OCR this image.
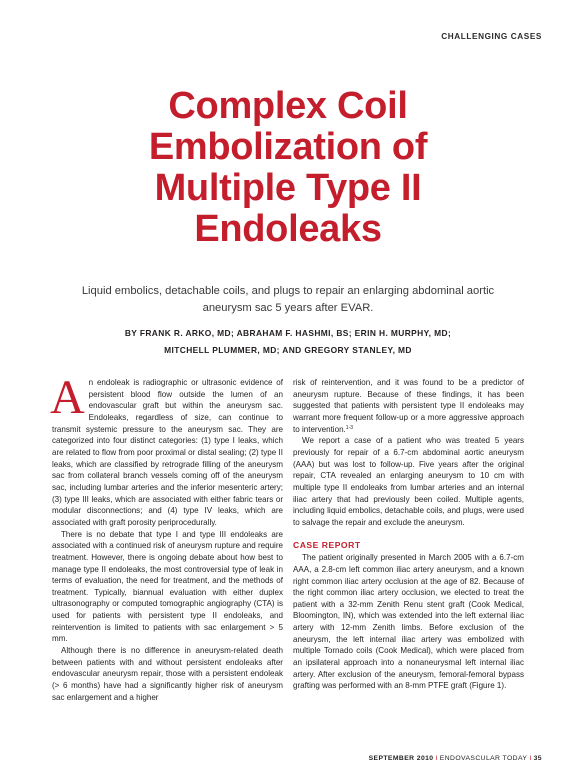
CHALLENGING CASES
Complex Coil
Embolization of
Multiple Type II
Endoleaks

Liquid embolics, detachable coils, and plugs to repair an enlarging abdominal aortic aneurysm sac 5 years after EVAR.

BY FRANK R. ARKO, MD; ABRAHAM F. HASHMI, BS; ERIN H. MURPHY, MD;
MITCHELL PLUMMER, MD; AND GREGORY STANLEY, MD

An endoleak is radiographic or ultrasonic evidence of persistent blood flow outside the lumen of an endovascular graft but within the aneurysm sac. Endoleaks, regardless of size, can continue to transmit systemic pressure to the aneurysm sac. They are categorized into four distinct categories: (1) type I leaks, which are related to flow from poor proximal or distal sealing; (2) type II leaks, which are classified by retrograde filling of the aneurysm sac from collateral branch vessels coming off of the aneurysm sac, including lumbar arteries and the inferior mesenteric artery; (3) type III leaks, which are associated with either fabric tears or modular disconnections; and (4) type IV leaks, which are associated with graft porosity periprocedurally.

There is no debate that type I and type III endoleaks are associated with a continued risk of aneurysm rupture and require treatment. However, there is ongoing debate about how best to manage type II endoleaks, the most controversial type of leak in terms of evaluation, the need for treatment, and the methods of treatment. Typically, biannual evaluation with either duplex ultrasonography or computed tomographic angiography (CTA) is used for patients with persistent type II endoleaks, and reintervention is limited to patients with sac enlargement > 5 mm.

Although there is no difference in aneurysm-related death between patients with and without persistent endoleaks after endovascular aneurysm repair, those with a persistent endoleak (> 6 months) have had a significantly higher risk of aneurysm sac enlargement and a higher

risk of reintervention, and it was found to be a predictor of aneurysm rupture. Because of these findings, it has been suggested that patients with persistent type II endoleaks may warrant more frequent follow-up or a more aggressive approach to intervention.$^{1-3}$

We report a case of a patient who was treated 5 years previously for repair of a 6.7-cm abdominal aortic aneurysm (AAA) but was lost to follow-up. Five years after the original repair, CTA revealed an enlarging aneurysm to 10 cm with multiple type II endoleaks from lumbar arteries and an internal iliac artery that had previously been coiled. Multiple agents, including liquid embolics, detachable coils, and plugs, were used to salvage the repair and exclude the aneurysm.

CASE REPORT

The patient originally presented in March 2005 with a 6.7-cm AAA, a 2.8-cm left common iliac artery aneurysm, and a known right common iliac artery occlusion at the age of 82. Because of the right common iliac artery occlusion, we elected to treat the patient with a 32-mm Zenith Renu stent graft (Cook Medical, Bloomington, IN), which was extended into the left external iliac artery with 12-mm Zenith limbs. Before exclusion of the aneurysm, the left internal iliac artery was embolized with multiple Tornado coils (Cook Medical), which were placed from an ipsilateral approach into a nonaneurysmal left internal iliac artery. After exclusion of the aneurysm, femoral-femoral bypass grafting was performed with an 8-mm PTFE graft (Figure 1).

SEPTEMBER 2010 I ENDOVASCULAR TODAY I 35
